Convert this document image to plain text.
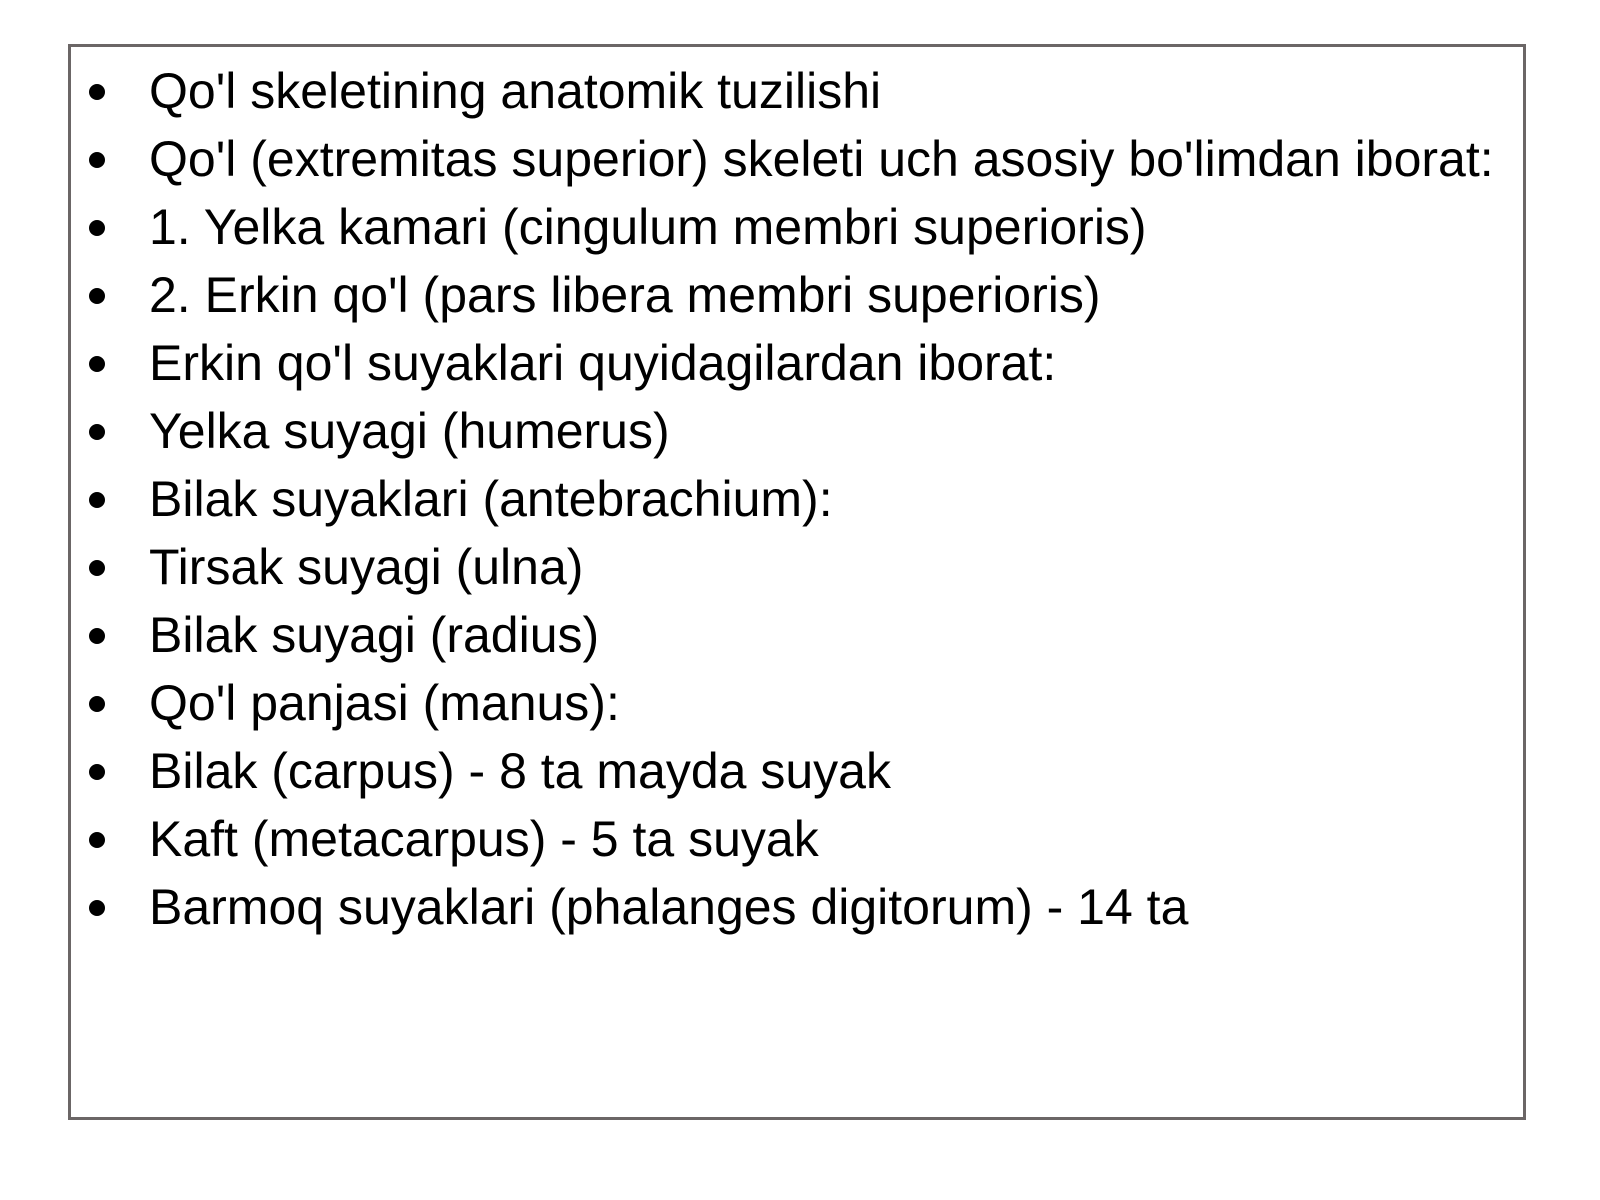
Qo'l skeletining anatomik tuzilishi
Qo'l (extremitas superior) skeleti uch asosiy bo'limdan iborat:
1. Yelka kamari (cingulum membri superioris)
2. Erkin qo'l (pars libera membri superioris)
Erkin qo'l suyaklari quyidagilardan iborat:
Yelka suyagi (humerus)
Bilak suyaklari (antebrachium):
Tirsak suyagi (ulna)
Bilak suyagi (radius)
Qo'l panjasi (manus):
Bilak (carpus) - 8 ta mayda suyak
Kaft (metacarpus) - 5 ta suyak
Barmoq suyaklari (phalanges digitorum) - 14 ta
